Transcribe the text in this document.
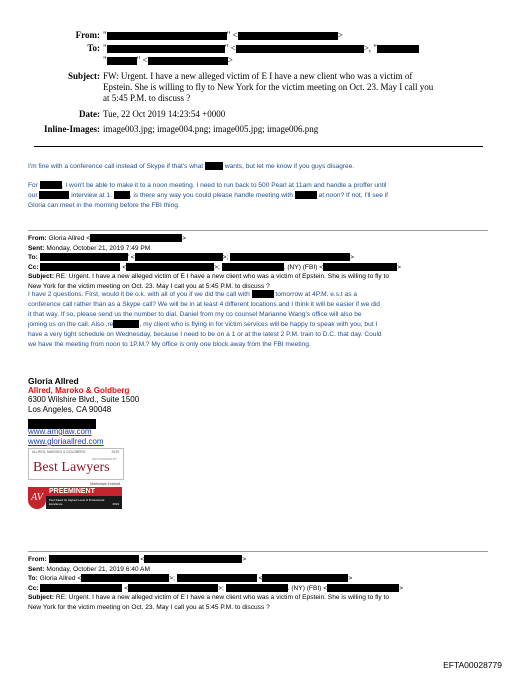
From: "	" <	>
To: "	" <	>, "
"	" <	>
Subject: FW: Urgent. I have a new alleged victim of E I have a new client who was a victim of
Epstein. She is willing to fly to New York for the victim meeting on Oct. 23. May I call you
at 5:45 P.M. to discuss ?
Date: Tue, 22 Oct 2019 14:23:54 +0000
Inline-Images: image003.jpg; image004.png; image005.jpg; image006.png

I'm fine with a conference call instead of Skype if that's what	wants, but let me know if you guys disagree.

For	, I won't be able to make it to a noon meeting. I need to run back to 500 Pearl at 11am and handle a proffer until
our	interview at 1.	, is there any way you could please handle meeting with	at noon? If not, I'll see if
Gloria can meet in the morning before the FBI thing.

From: Gloria Allred <	>
Sent: Monday, October 21, 2019 7:49 PM
To:	' <	>;	>
Cc:	<	>;	. (NY) (FBI) <	>
Subject: RE: Urgent. I have a new alleged victim of E I have a new client who was a victim of Epstein. She is willing to fly to
New York for the victim meeting on Oct. 23. May I call you at 5:45 P.M. to discuss ?
I have 2 questions. First, would it be o.k. with all of you if we did the call with	tomorrow at 4P.M. e.s.t as a
conference call rather than as a Skype call? We will be in at least 4 different locations and I think it will be easier if we did
it that way. If so, please send us the number to dial. Daniel from my co counsel Marianne Wang's office will also be
joining us on the call. Also ,re	, my client who is flying in for victim services will be happy to speak with you, but I
have a very tight schedule on Wednesday, because I need to be on a 1 or at the latest 2 P.M. train to D.C. that day. Could
we have the meeting from noon to 1P.M.? My office is only one block away from the FBI meeting.
Gloria Allred
Allred, Maroko & Goldberg
6300 Wilshire Blvd., Suite 1500
Los Angeles, CA 90048
www.amglaw.com
www.gloriaallred.com
ALLRED, MAROKO & GOLDBERG	2019
RECOGNIZED BY
Best Lawyers
Martindale-Hubbell
AV
PREEMINENT
Peer Rated for Highest Level of Professional Excellence	2019
From:	<	>
Sent: Monday, October 21, 2019 6:40 AM
To: Gloria Allred <	>;	<	>
Cc:	<	>;	. (NY) (FBI) <	>
Subject: RE: Urgent. I have a new alleged victim of E I have a new client who was a victim of Epstein. She is willing to fly to
New York for the victim meeting on Oct. 23. May I call you at 5:45 P.M. to discuss ?
EFTA00028779
